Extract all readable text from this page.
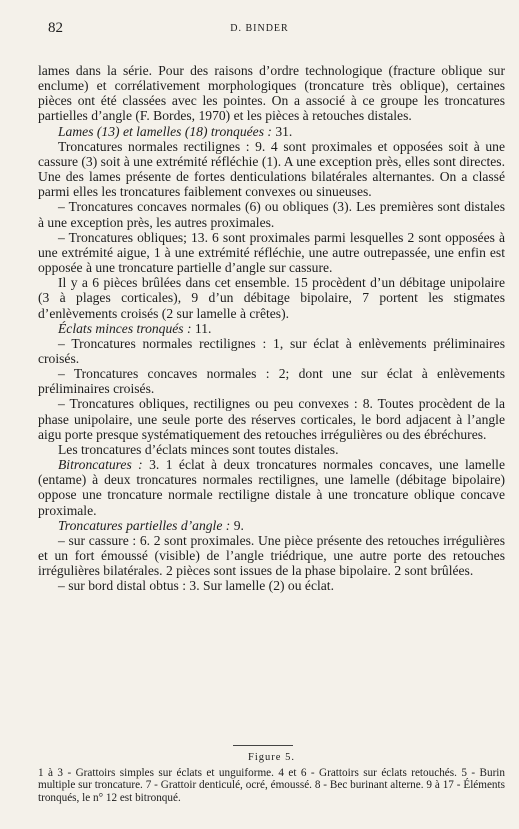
82	D. BINDER

lames dans la série. Pour des raisons d’ordre technologique (fracture oblique sur enclume) et corrélativement morphologiques (troncature très oblique), certaines pièces ont été classées avec les pointes. On a associé à ce groupe les troncatures partielles d’angle (F. Bordes, 1970) et les pièces à retouches distales.

Lames (13) et lamelles (18) tronquées : 31.

Troncatures normales rectilignes : 9. 4 sont proximales et opposées soit à une cassure (3) soit à une extrémité réfléchie (1). A une exception près, elles sont directes. Une des lames présente de fortes denticulations bilatérales alternantes. On a classé parmi elles les troncatures faiblement convexes ou sinueuses.

– Troncatures concaves normales (6) ou obliques (3). Les premières sont distales à une exception près, les autres proximales.

– Troncatures obliques; 13. 6 sont proximales parmi lesquelles 2 sont opposées à une extrémité aigue, 1 à une extrémité réfléchie, une autre outrepassée, une enfin est opposée à une troncature partielle d’angle sur cassure.

Il y a 6 pièces brûlées dans cet ensemble. 15 procèdent d’un débitage unipolaire (3 à plages corticales), 9 d’un débitage bipolaire, 7 portent les stigmates d’enlèvements croisés (2 sur lamelle à crêtes).

Éclats minces tronqués : 11.

– Troncatures normales rectilignes : 1, sur éclat à enlèvements préliminaires croisés.

– Troncatures concaves normales : 2; dont une sur éclat à enlèvements préliminaires croisés.

– Troncatures obliques, rectilignes ou peu convexes : 8. Toutes procèdent de la phase unipolaire, une seule porte des réserves corticales, le bord adjacent à l’angle aigu porte presque systématiquement des retouches irrégulières ou des ébréchures.

Les troncatures d’éclats minces sont toutes distales.

Bitroncatures : 3. 1 éclat à deux troncatures normales concaves, une lamelle (entame) à deux troncatures normales rectilignes, une lamelle (débitage bipolaire) oppose une troncature normale rectiligne distale à une troncature oblique concave proximale.

Troncatures partielles d’angle : 9.

– sur cassure : 6. 2 sont proximales. Une pièce présente des retouches irrégulières et un fort émoussé (visible) de l’angle triédrique, une autre porte des retouches irrégulières bilatérales. 2 pièces sont issues de la phase bipolaire. 2 sont brûlées.

– sur bord distal obtus : 3. Sur lamelle (2) ou éclat.

Figure 5.
1 à 3 - Grattoirs simples sur éclats et unguiforme. 4 et 6 - Grattoirs sur éclats retouchés. 5 - Burin multiple sur troncature. 7 - Grattoir denticulé, ocré, émoussé. 8 - Bec burinant alterne. 9 à 17 - Éléments tronqués, le n° 12 est bitronqué.
